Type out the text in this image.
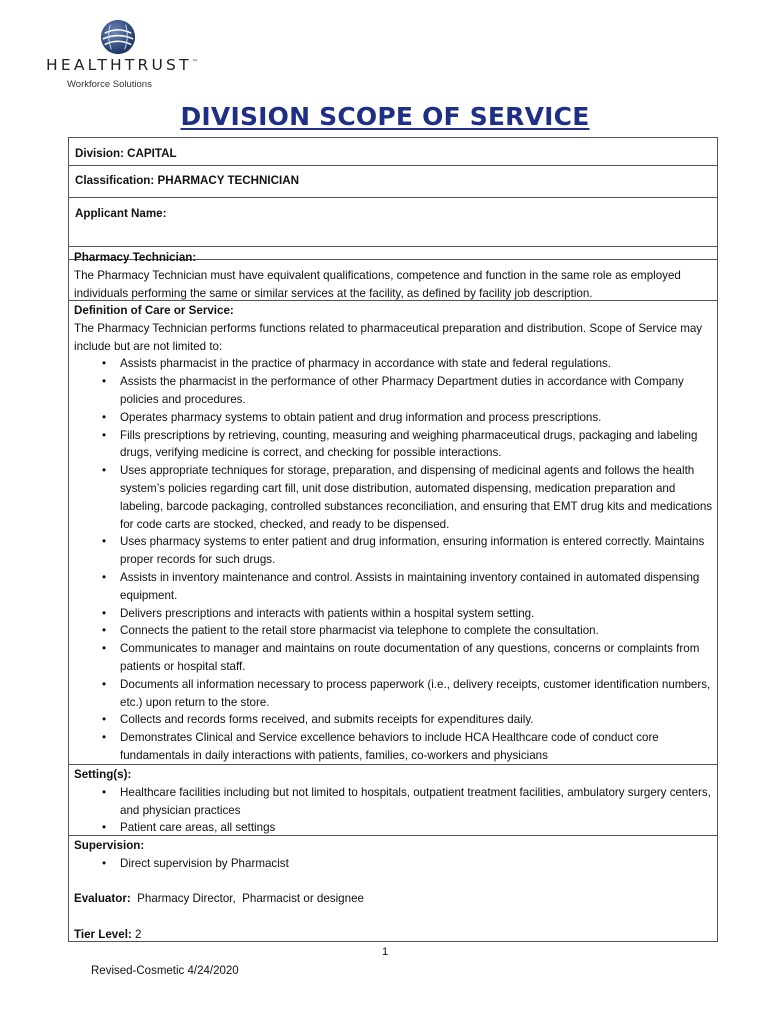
HEALTHTRUST™
Workforce Solutions
DIVISION SCOPE OF SERVICE
Division: CAPITAL
Classification: PHARMACY TECHNICIAN
Applicant Name:
Pharmacy Technician:
The Pharmacy Technician must have equivalent qualifications, competence and function in the same role as employed individuals performing the same or similar services at the facility, as defined by facility job description.
Definition of Care or Service:
The Pharmacy Technician performs functions related to pharmaceutical preparation and distribution. Scope of Service may include but are not limited to:
• Assists pharmacist in the practice of pharmacy in accordance with state and federal regulations.
• Assists the pharmacist in the performance of other Pharmacy Department duties in accordance with Company policies and procedures.
• Operates pharmacy systems to obtain patient and drug information and process prescriptions.
• Fills prescriptions by retrieving, counting, measuring and weighing pharmaceutical drugs, packaging and labeling drugs, verifying medicine is correct, and checking for possible interactions.
• Uses appropriate techniques for storage, preparation, and dispensing of medicinal agents and follows the health system’s policies regarding cart fill, unit dose distribution, automated dispensing, medication preparation and labeling, barcode packaging, controlled substances reconciliation, and ensuring that EMT drug kits and medications for code carts are stocked, checked, and ready to be dispensed.
• Uses pharmacy systems to enter patient and drug information, ensuring information is entered correctly. Maintains proper records for such drugs.
• Assists in inventory maintenance and control. Assists in maintaining inventory contained in automated dispensing equipment.
• Delivers prescriptions and interacts with patients within a hospital system setting.
• Connects the patient to the retail store pharmacist via telephone to complete the consultation.
• Communicates to manager and maintains on route documentation of any questions, concerns or complaints from patients or hospital staff.
• Documents all information necessary to process paperwork (i.e., delivery receipts, customer identification numbers, etc.) upon return to the store.
• Collects and records forms received, and submits receipts for expenditures daily.
• Demonstrates Clinical and Service excellence behaviors to include HCA Healthcare code of conduct core fundamentals in daily interactions with patients, families, co-workers and physicians
Setting(s):
• Healthcare facilities including but not limited to hospitals, outpatient treatment facilities, ambulatory surgery centers, and physician practices
• Patient care areas, all settings
Supervision:
• Direct supervision by Pharmacist
Evaluator:  Pharmacy Director,  Pharmacist or designee
Tier Level: 2
1
Revised-Cosmetic 4/24/2020
